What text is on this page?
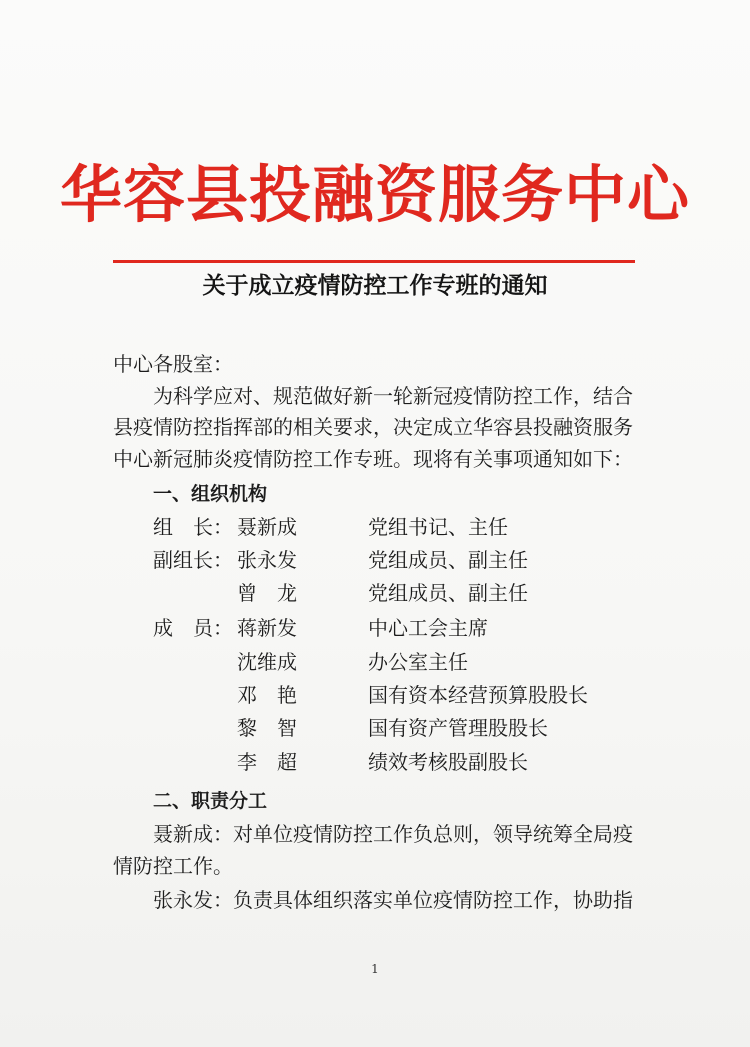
华容县投融资服务中心
关于成立疫情防控工作专班的通知
中心各股室：
为科学应对、规范做好新一轮新冠疫情防控工作，结合
县疫情防控指挥部的相关要求，决定成立华容县投融资服务
中心新冠肺炎疫情防控工作专班。现将有关事项通知如下：
一、组织机构
组　长： 聂新成	党组书记、主任
副组长： 张永发	党组成员、副主任
曾　龙	党组成员、副主任
成　员： 蒋新发	中心工会主席
沈维成	办公室主任
邓　艳	国有资本经营预算股股长
黎　智	国有资产管理股股长
李　超	绩效考核股副股长
二、职责分工
聂新成：对单位疫情防控工作负总则，领导统筹全局疫
情防控工作。
张永发：负责具体组织落实单位疫情防控工作，协助指
1
